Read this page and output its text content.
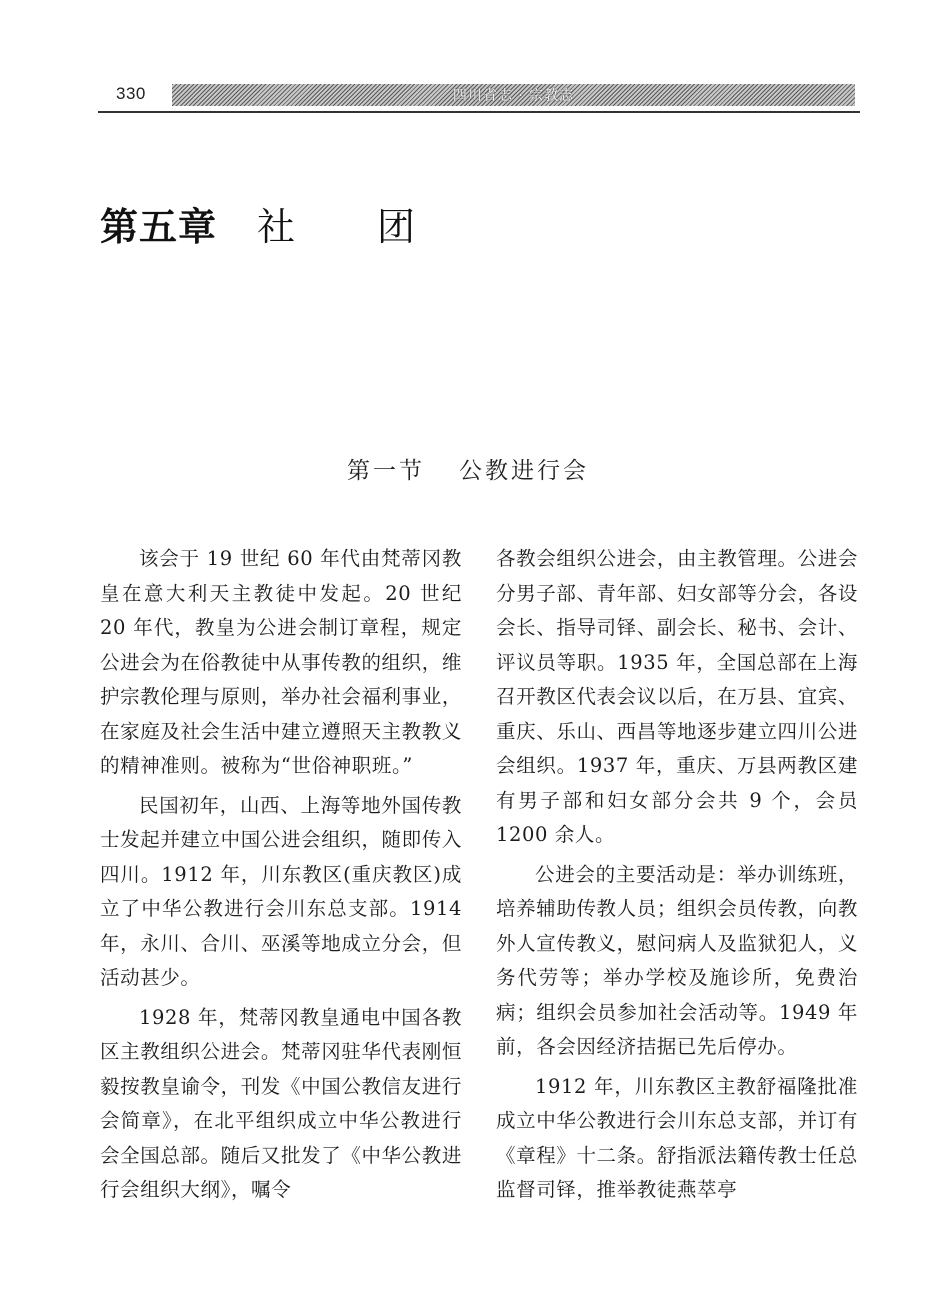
330	四川省志 · 宗教志
第五章 社 团
第一节 公教进行会

该会于 19 世纪 60 年代由梵蒂冈教皇在意大利天主教徒中发起。20 世纪 20 年代，教皇为公进会制订章程，规定公进会为在俗教徒中从事传教的组织，维护宗教伦理与原则，举办社会福利事业，在家庭及社会生活中建立遵照天主教教义的精神准则。被称为“世俗神职班。”

民国初年，山西、上海等地外国传教士发起并建立中国公进会组织，随即传入四川。1912 年，川东教区(重庆教区)成立了中华公教进行会川东总支部。1914 年，永川、合川、巫溪等地成立分会，但活动甚少。

1928 年，梵蒂冈教皇通电中国各教区主教组织公进会。梵蒂冈驻华代表刚恒毅按教皇谕令，刊发《中国公教信友进行会简章》，在北平组织成立中华公教进行会全国总部。随后又批发了《中华公教进行会组织大纲》，嘱令

各教会组织公进会，由主教管理。公进会分男子部、青年部、妇女部等分会，各设会长、指导司铎、副会长、秘书、会计、评议员等职。1935 年，全国总部在上海召开教区代表会议以后，在万县、宜宾、重庆、乐山、西昌等地逐步建立四川公进会组织。1937 年，重庆、万县两教区建有男子部和妇女部分会共 9 个，会员 1200 余人。

公进会的主要活动是：举办训练班，培养辅助传教人员；组织会员传教，向教外人宣传教义，慰问病人及监狱犯人，义务代劳等；举办学校及施诊所，免费治病；组织会员参加社会活动等。1949 年前，各会因经济拮据已先后停办。

1912 年，川东教区主教舒福隆批准成立中华公教进行会川东总支部，并订有《章程》十二条。舒指派法籍传教士任总监督司铎，推举教徒燕萃亭
